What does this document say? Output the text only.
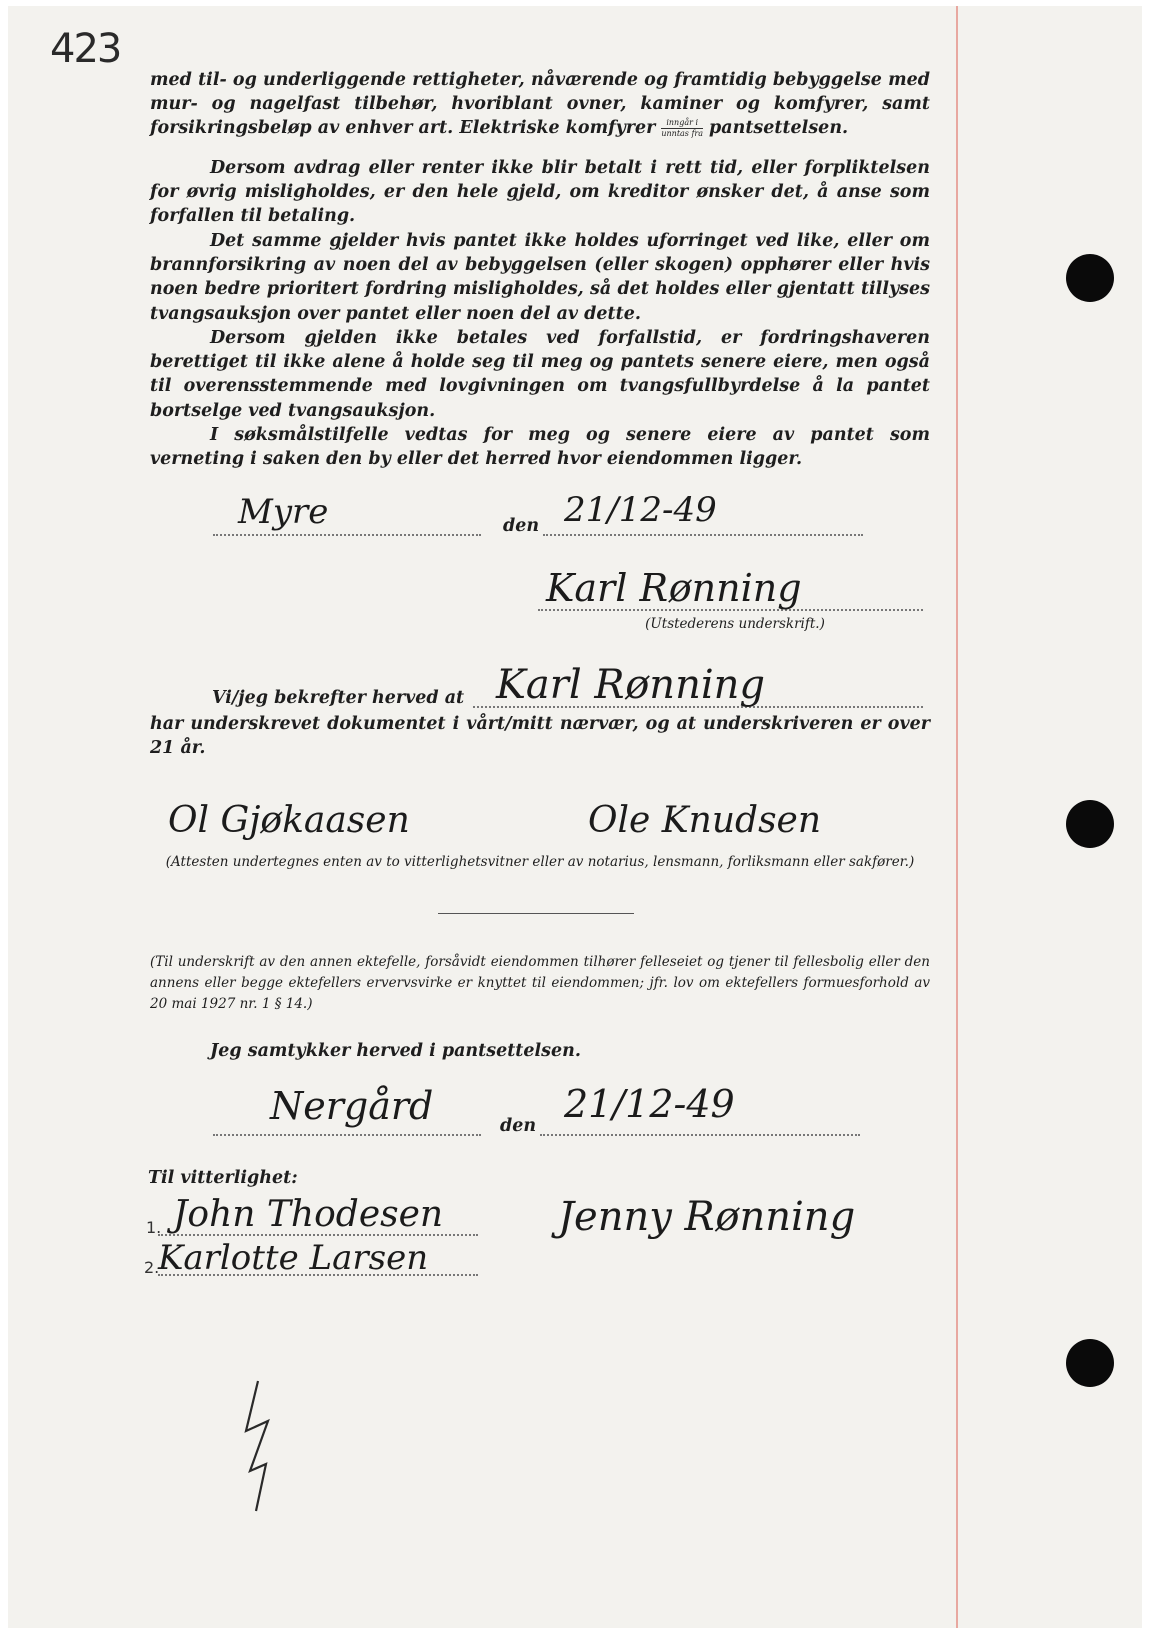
423

med til- og underliggende rettigheter, nåværende og framtidig bebyggelse med mur- og nagelfast tilbehør, hvoriblant ovner, kaminer og komfyrer, samt forsikringsbeløp av enhver art. Elektriske komfyrer $\frac{\text{inngår i}}{\text{unntas fra}}$ pantsettelsen.

Dersom avdrag eller renter ikke blir betalt i rett tid, eller forpliktelsen for øvrig misligholdes, er den hele gjeld, om kreditor ønsker det, å anse som forfallen til betaling.

Det samme gjelder hvis pantet ikke holdes uforringet ved like, eller om brannforsikring av noen del av bebyggelsen (eller skogen) opphører eller hvis noen bedre prioritert fordring misligholdes, så det holdes eller gjentatt tillyses tvangsauksjon over pantet eller noen del av dette.

Dersom gjelden ikke betales ved forfallstid, er fordringshaveren berettiget til ikke alene å holde seg til meg og pantets senere eiere, men også til overensstemmende med lovgivningen om tvangsfullbyrdelse å la pantet bortselge ved tvangsauksjon.

I søksmålstilfelle vedtas for meg og senere eiere av pantet som verneting i saken den by eller det herred hvor eiendommen ligger.

Myre	den 21/12-49
Karl Rønning

(Utstederens underskrift.)

Vi/jeg bekrefter herved at Karl Rønning

har underskrevet dokumentet i vårt/mitt nærvær, og at underskriveren er over 21 år.

Ol Gjøkaasen	Ole Knudsen

(Attesten undertegnes enten av to vitterlighetsvitner eller av notarius, lensmann, forliksmann eller sakfører.)

(Til underskrift av den annen ektefelle, forsåvidt eiendommen tilhører felleseiet og tjener til fellesbolig eller den annens eller begge ektefellers ervervsvirke er knyttet til eiendommen; jfr. lov om ektefellers formuesforhold av 20 mai 1927 nr. 1 § 14.)

Jeg samtykker herved i pantsettelsen.
Nergård	den 21/12-49
Til vitterlighet:
1.
2.
John Thodesen
Karlotte Larsen
Jenny Rønning
